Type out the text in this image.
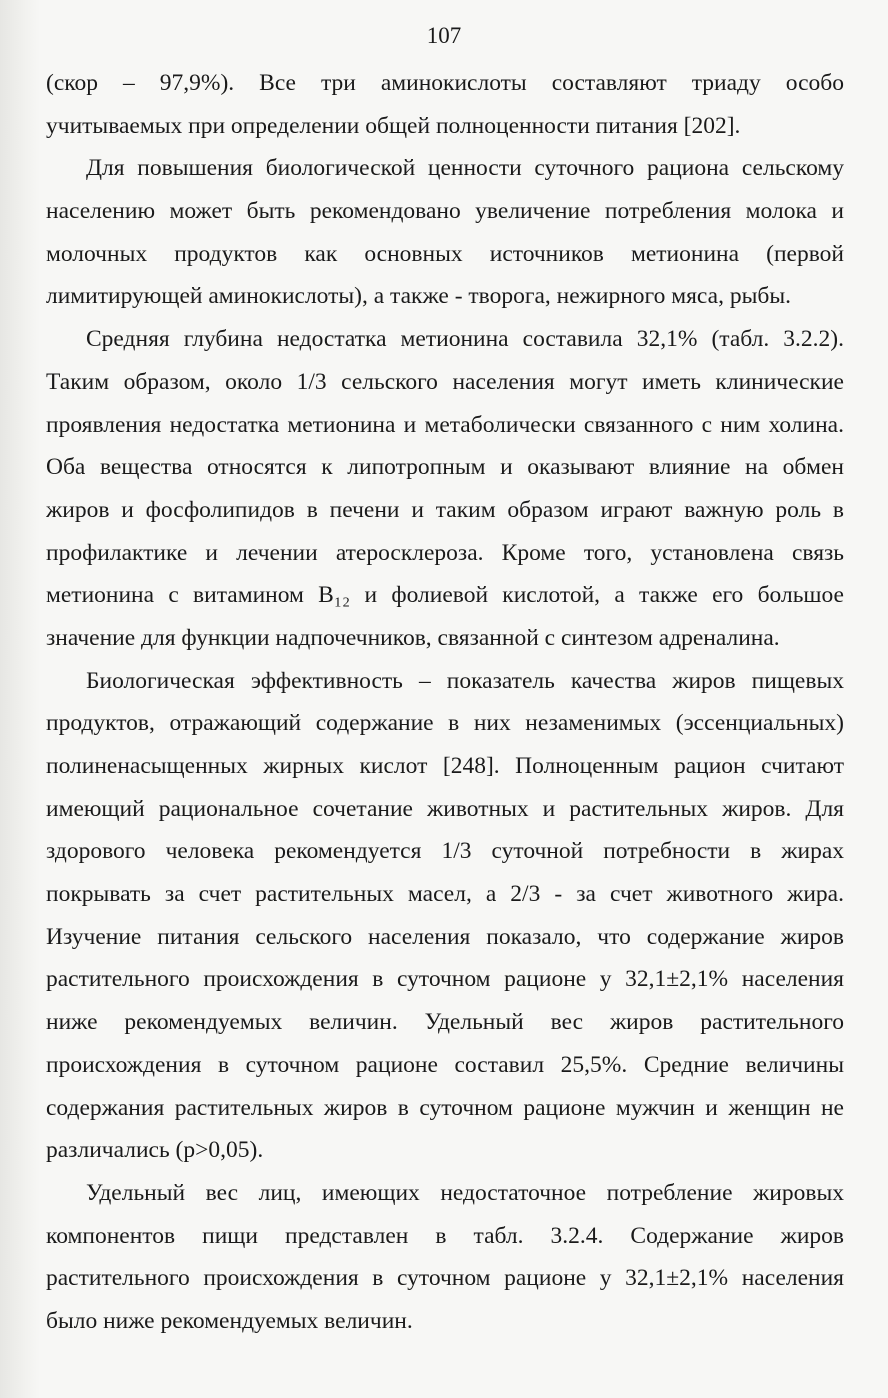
107
(скор – 97,9%). Все три аминокислоты составляют триаду особо
учитываемых при определении общей полноценности питания [202].
Для повышения биологической ценности суточного рациона сельскому
населению может быть рекомендовано увеличение потребления молока и
молочных продуктов как основных источников метионина (первой
лимитирующей аминокислоты), а также - творога, нежирного мяса, рыбы.
Средняя глубина недостатка метионина составила 32,1% (табл. 3.2.2).
Таким образом, около 1/3 сельского населения могут иметь клинические
проявления недостатка метионина и метаболически связанного с ним холина.
Оба вещества относятся к липотропным и оказывают влияние на обмен
жиров и фосфолипидов в печени и таким образом играют важную роль в
профилактике и лечении атеросклероза. Кроме того, установлена связь
метионина с витамином B₁₂ и фолиевой кислотой, а также его большое
значение для функции надпочечников, связанной с синтезом адреналина.
Биологическая эффективность – показатель качества жиров пищевых
продуктов, отражающий содержание в них незаменимых (эссенциальных)
полиненасыщенных жирных кислот [248]. Полноценным рацион считают
имеющий рациональное сочетание животных и растительных жиров. Для
здорового человека рекомендуется 1/3 суточной потребности в жирах
покрывать за счет растительных масел, а 2/3 - за счет животного жира.
Изучение питания сельского населения показало, что содержание жиров
растительного происхождения в суточном рационе у 32,1±2,1% населения
ниже рекомендуемых величин. Удельный вес жиров растительного
происхождения в суточном рационе составил 25,5%. Средние величины
содержания растительных жиров в суточном рационе мужчин и женщин не
различались (p>0,05).
Удельный вес лиц, имеющих недостаточное потребление жировых
компонентов пищи представлен в табл. 3.2.4. Содержание жиров
растительного происхождения в суточном рационе у 32,1±2,1% населения
было ниже рекомендуемых величин.
